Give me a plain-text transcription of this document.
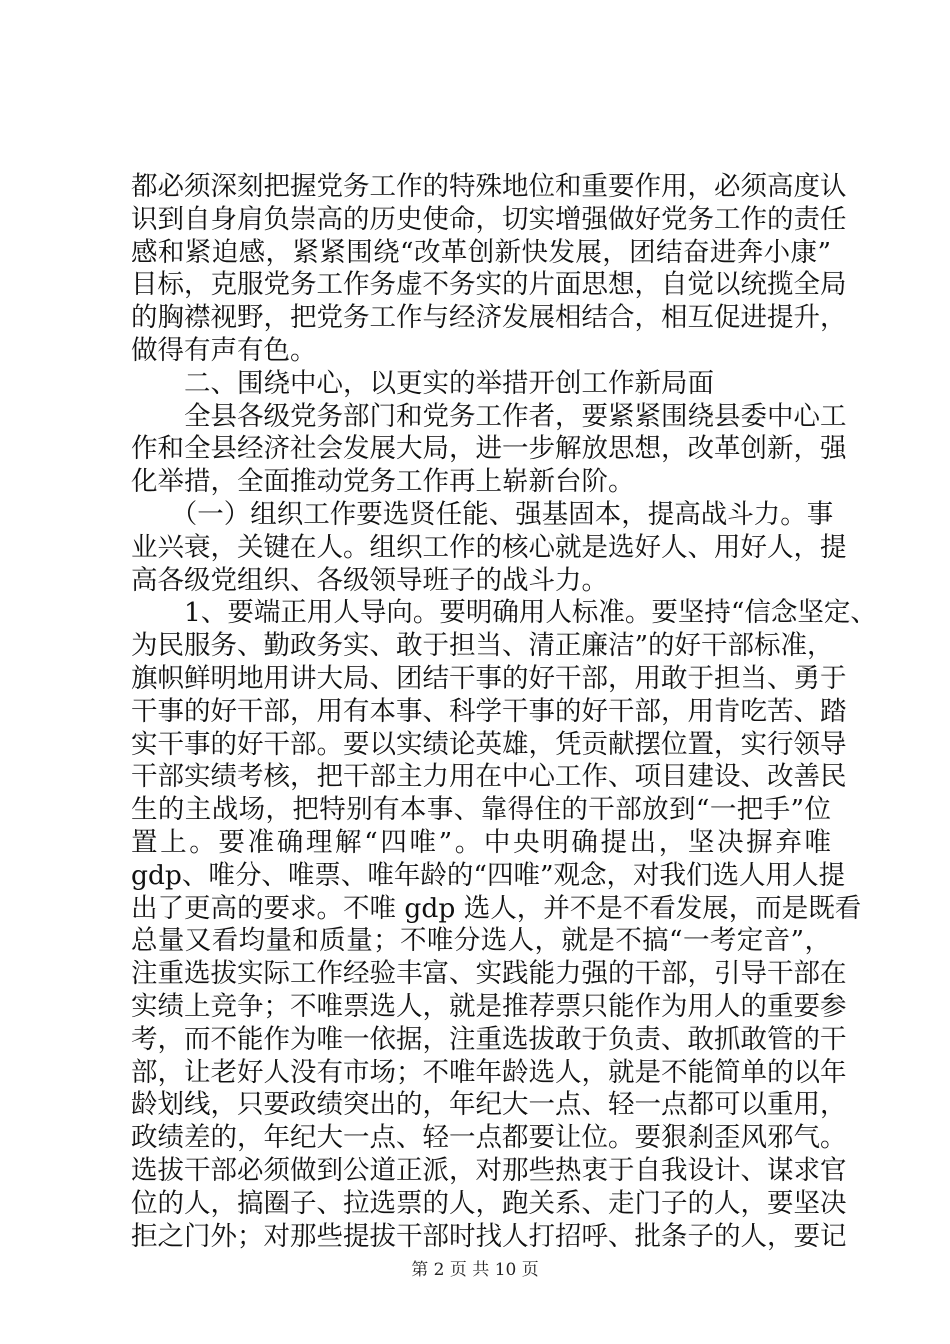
都必须深刻把握党务工作的特殊地位和重要作用，必须高度认
识到自身肩负崇高的历史使命，切实增强做好党务工作的责任
感和紧迫感，紧紧围绕“改革创新快发展，团结奋进奔小康”
目标，克服党务工作务虚不务实的片面思想，自觉以统揽全局
的胸襟视野，把党务工作与经济发展相结合，相互促进提升，
做得有声有色。
　　二、围绕中心，以更实的举措开创工作新局面
　　全县各级党务部门和党务工作者，要紧紧围绕县委中心工
作和全县经济社会发展大局，进一步解放思想，改革创新，强
化举措，全面推动党务工作再上崭新台阶。
　　（一）组织工作要选贤任能、强基固本，提高战斗力。事
业兴衰，关键在人。组织工作的核心就是选好人、用好人，提
高各级党组织、各级领导班子的战斗力。
　　1、要端正用人导向。要明确用人标准。要坚持“信念坚定、
为民服务、勤政务实、敢于担当、清正廉洁”的好干部标准，
旗帜鲜明地用讲大局、团结干事的好干部，用敢于担当、勇于
干事的好干部，用有本事、科学干事的好干部，用肯吃苦、踏
实干事的好干部。要以实绩论英雄，凭贡献摆位置，实行领导
干部实绩考核，把干部主力用在中心工作、项目建设、改善民
生的主战场，把特别有本事、靠得住的干部放到“一把手”位
置上。要准确理解“四唯”。中央明确提出，坚决摒弃唯
gdp、唯分、唯票、唯年龄的“四唯”观念，对我们选人用人提
出了更高的要求。不唯 gdp 选人，并不是不看发展，而是既看
总量又看均量和质量；不唯分选人，就是不搞“一考定音”，
注重选拔实际工作经验丰富、实践能力强的干部，引导干部在
实绩上竞争；不唯票选人，就是推荐票只能作为用人的重要参
考，而不能作为唯一依据，注重选拔敢于负责、敢抓敢管的干
部，让老好人没有市场；不唯年龄选人，就是不能简单的以年
龄划线，只要政绩突出的，年纪大一点、轻一点都可以重用，
政绩差的，年纪大一点、轻一点都要让位。要狠刹歪风邪气。
选拔干部必须做到公道正派，对那些热衷于自我设计、谋求官
位的人，搞圈子、拉选票的人，跑关系、走门子的人，要坚决
拒之门外；对那些提拔干部时找人打招呼、批条子的人，要记
第 2 页 共 10 页
